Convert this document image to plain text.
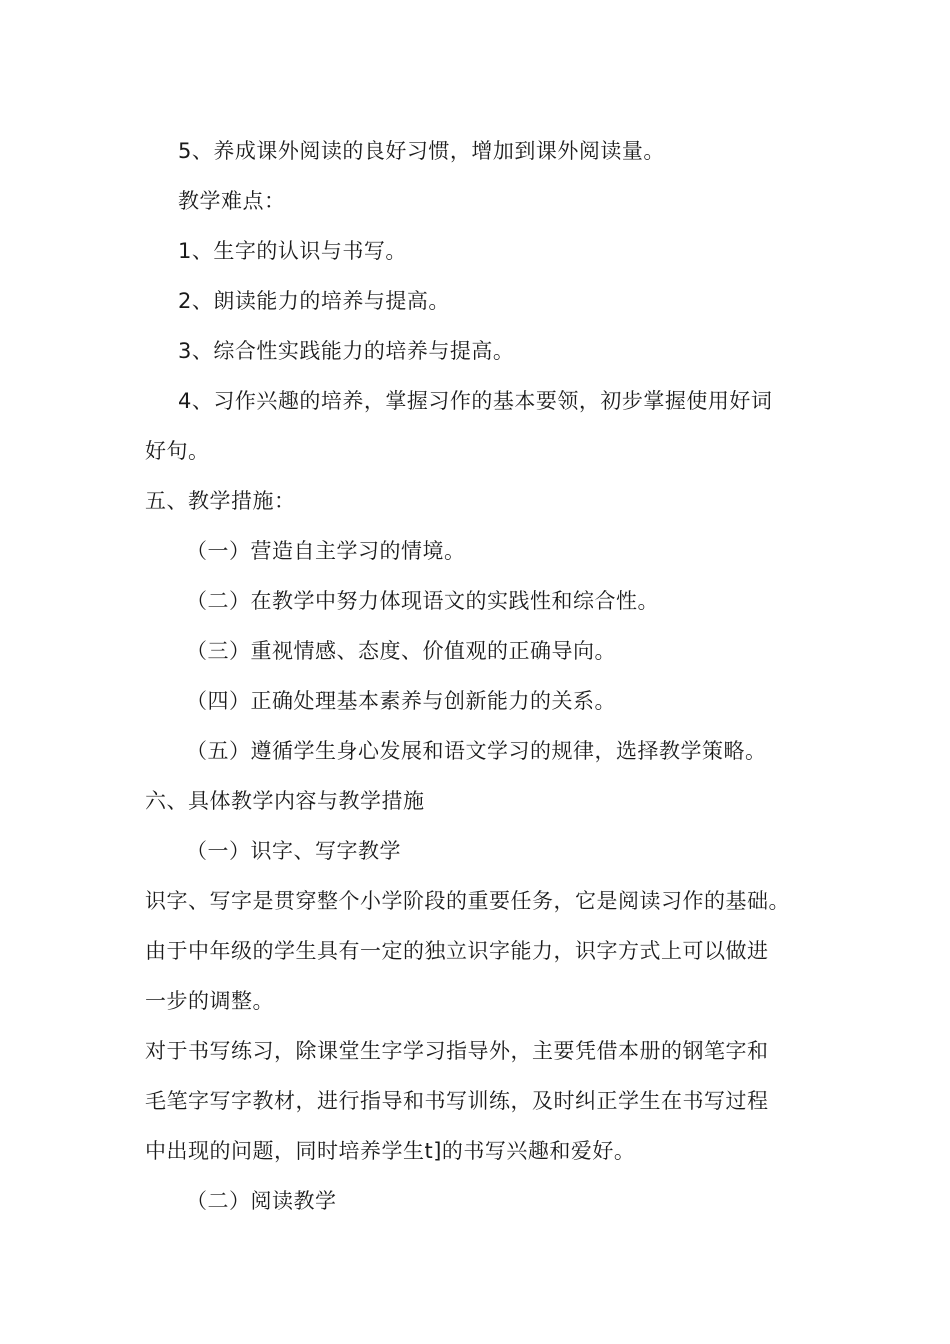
5、养成课外阅读的良好习惯，增加到课外阅读量。
教学难点：
1、生字的认识与书写。
2、朗读能力的培养与提高。
3、综合性实践能力的培养与提高。
4、习作兴趣的培养，掌握习作的基本要领，初步掌握使用好词
好句。
五、教学措施：
（一）营造自主学习的情境。
（二）在教学中努力体现语文的实践性和综合性。
（三）重视情感、态度、价值观的正确导向。
（四）正确处理基本素养与创新能力的关系。
（五）遵循学生身心发展和语文学习的规律，选择教学策略。
六、具体教学内容与教学措施
（一）识字、写字教学
识字、写字是贯穿整个小学阶段的重要任务，它是阅读习作的基础。
由于中年级的学生具有一定的独立识字能力，识字方式上可以做进
一步的调整。
对于书写练习，除课堂生字学习指导外，主要凭借本册的钢笔字和
毛笔字写字教材，进行指导和书写训练，及时纠正学生在书写过程
中出现的问题，同时培养学生t]的书写兴趣和爱好。
（二）阅读教学
